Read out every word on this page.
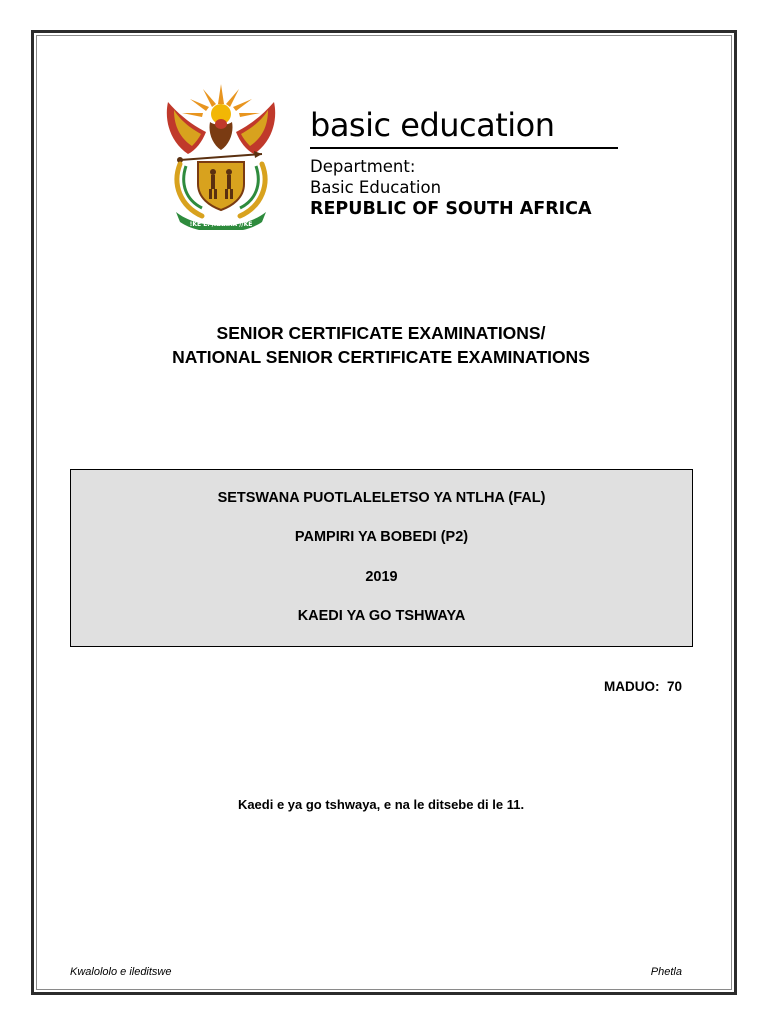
!KE E: /XARRA //KE

basic education

Department:

Basic Education

REPUBLIC OF SOUTH AFRICA

SENIOR CERTIFICATE EXAMINATIONS/
NATIONAL SENIOR CERTIFICATE EXAMINATIONS
SETSWANA PUOTLALELETSO YA NTLHA (FAL)
PAMPIRI YA BOBEDI (P2)
2019
KAEDI YA GO TSHWAYA
MADUO:  70
Kaedi e ya go tshwaya, e na le ditsebe di le 11.
Kwalololo e ileditswe	Phetla
